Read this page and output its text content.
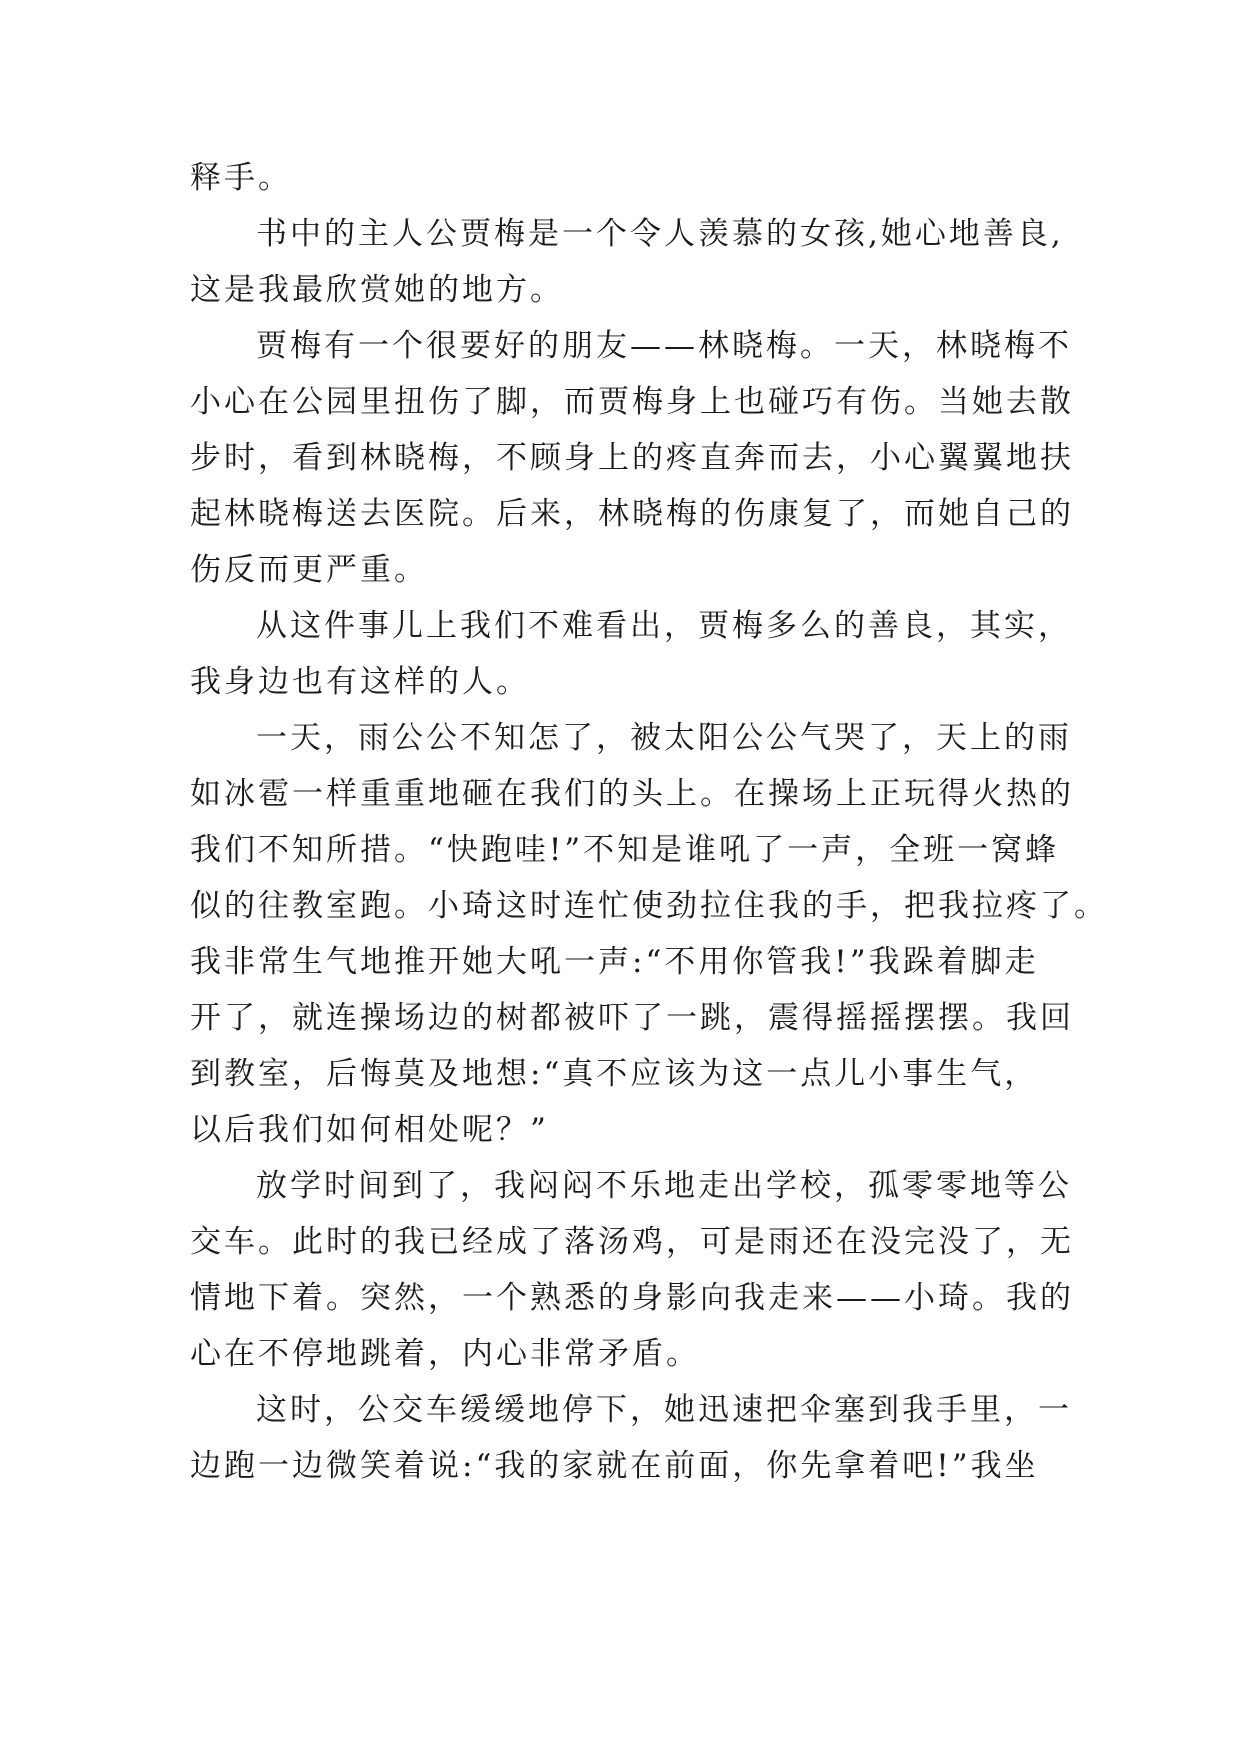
释手。
书中的主人公贾梅是一个令人羡慕的女孩,她心地善良,
这是我最欣赏她的地方。
贾梅有一个很要好的朋友——林晓梅。一天，林晓梅不
小心在公园里扭伤了脚，而贾梅身上也碰巧有伤。当她去散
步时，看到林晓梅，不顾身上的疼直奔而去，小心翼翼地扶
起林晓梅送去医院。后来，林晓梅的伤康复了，而她自己的
伤反而更严重。
从这件事儿上我们不难看出，贾梅多么的善良，其实，
我身边也有这样的人。
一天，雨公公不知怎了，被太阳公公气哭了，天上的雨
如冰雹一样重重地砸在我们的头上。在操场上正玩得火热的
我们不知所措。“快跑哇!”不知是谁吼了一声，全班一窝蜂
似的往教室跑。小琦这时连忙使劲拉住我的手，把我拉疼了。
我非常生气地推开她大吼一声:“不用你管我!”我跺着脚走
开了，就连操场边的树都被吓了一跳，震得摇摇摆摆。我回
到教室，后悔莫及地想:“真不应该为这一点儿小事生气，
以后我们如何相处呢？”
放学时间到了，我闷闷不乐地走出学校，孤零零地等公
交车。此时的我已经成了落汤鸡，可是雨还在没完没了，无
情地下着。突然，一个熟悉的身影向我走来——小琦。我的
心在不停地跳着，内心非常矛盾。
这时，公交车缓缓地停下，她迅速把伞塞到我手里，一
边跑一边微笑着说:“我的家就在前面，你先拿着吧!”我坐
